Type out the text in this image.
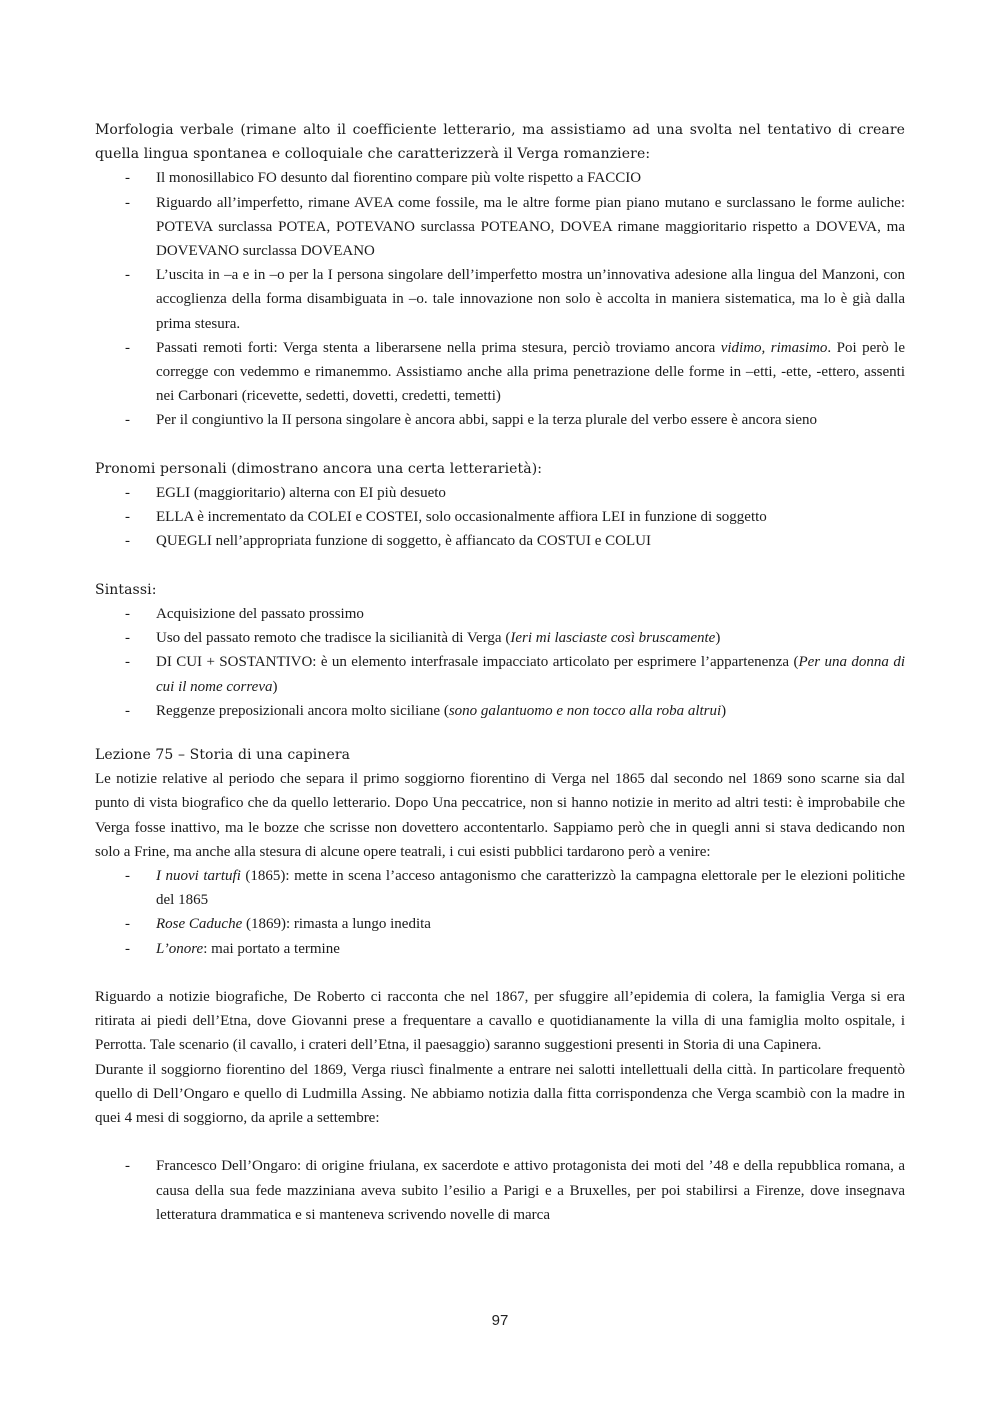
Morfologia verbale (rimane alto il coefficiente letterario, ma assistiamo ad una svolta nel tentativo di creare quella lingua spontanea e colloquiale che caratterizzerà il Verga romanziere:

- Il monosillabico FO desunto dal fiorentino compare più volte rispetto a FACCIO
- Riguardo all’imperfetto, rimane AVEA come fossile, ma le altre forme pian piano mutano e surclassano le forme auliche: POTEVA surclassa POTEA, POTEVANO surclassa POTEANO, DOVEA rimane maggioritario rispetto a DOVEVA, ma DOVEVANO surclassa DOVEANO
- L’uscita in –a e in –o per la I persona singolare dell’imperfetto mostra un’innovativa adesione alla lingua del Manzoni, con accoglienza della forma disambiguata in –o. tale innovazione non solo è accolta in maniera sistematica, ma lo è già dalla prima stesura.
- Passati remoti forti: Verga stenta a liberarsene nella prima stesura, perciò troviamo ancora vidimo, rimasimo. Poi però le corregge con vedemmo e rimanemmo. Assistiamo anche alla prima penetrazione delle forme in –etti, -ette, -ettero, assenti nei Carbonari (ricevette, sedetti, dovetti, credetti, temetti)
- Per il congiuntivo la II persona singolare è ancora abbi, sappi e la terza plurale del verbo essere è ancora sieno

Pronomi personali (dimostrano ancora una certa letterarietà):

- EGLI (maggioritario) alterna con EI più desueto
- ELLA è incrementato da COLEI e COSTEI, solo occasionalmente affiora LEI in funzione di soggetto
- QUEGLI nell’appropriata funzione di soggetto, è affiancato da COSTUI e COLUI

Sintassi:

- Acquisizione del passato prossimo
- Uso del passato remoto che tradisce la sicilianità di Verga (Ieri mi lasciaste così bruscamente)
- DI CUI + SOSTANTIVO: è un elemento interfrasale impacciato articolato per esprimere l’appartenenza (Per una donna di cui il nome correva)
- Reggenze preposizionali ancora molto siciliane (sono galantuomo e non tocco alla roba altrui)

Lezione 75 – Storia di una capinera

Le notizie relative al periodo che separa il primo soggiorno fiorentino di Verga nel 1865 dal secondo nel 1869 sono scarne sia dal punto di vista biografico che da quello letterario. Dopo Una peccatrice, non si hanno notizie in merito ad altri testi: è improbabile che Verga fosse inattivo, ma le bozze che scrisse non dovettero accontentarlo. Sappiamo però che in quegli anni si stava dedicando non solo a Frine, ma anche alla stesura di alcune opere teatrali, i cui esisti pubblici tardarono però a venire:

- I nuovi tartufi (1865): mette in scena l’acceso antagonismo che caratterizzò la campagna elettorale per le elezioni politiche del 1865
- Rose Caduche (1869): rimasta a lungo inedita
- L’onore: mai portato a termine

Riguardo a notizie biografiche, De Roberto ci racconta che nel 1867, per sfuggire all’epidemia di colera, la famiglia Verga si era ritirata ai piedi dell’Etna, dove Giovanni prese a frequentare a cavallo e quotidianamente la villa di una famiglia molto ospitale, i Perrotta. Tale scenario (il cavallo, i crateri dell’Etna, il paesaggio) saranno suggestioni presenti in Storia di una Capinera.

Durante il soggiorno fiorentino del 1869, Verga riuscì finalmente a entrare nei salotti intellettuali della città. In particolare frequentò quello di Dell’Ongaro e quello di Ludmilla Assing. Ne abbiamo notizia dalla fitta corrispondenza che Verga scambiò con la madre in quei 4 mesi di soggiorno, da aprile a settembre:

- Francesco Dell’Ongaro: di origine friulana, ex sacerdote e attivo protagonista dei moti del ’48 e della repubblica romana, a causa della sua fede mazziniana aveva subito l’esilio a Parigi e a Bruxelles, per poi stabilirsi a Firenze, dove insegnava letteratura drammatica e si manteneva scrivendo novelle di marca
97
